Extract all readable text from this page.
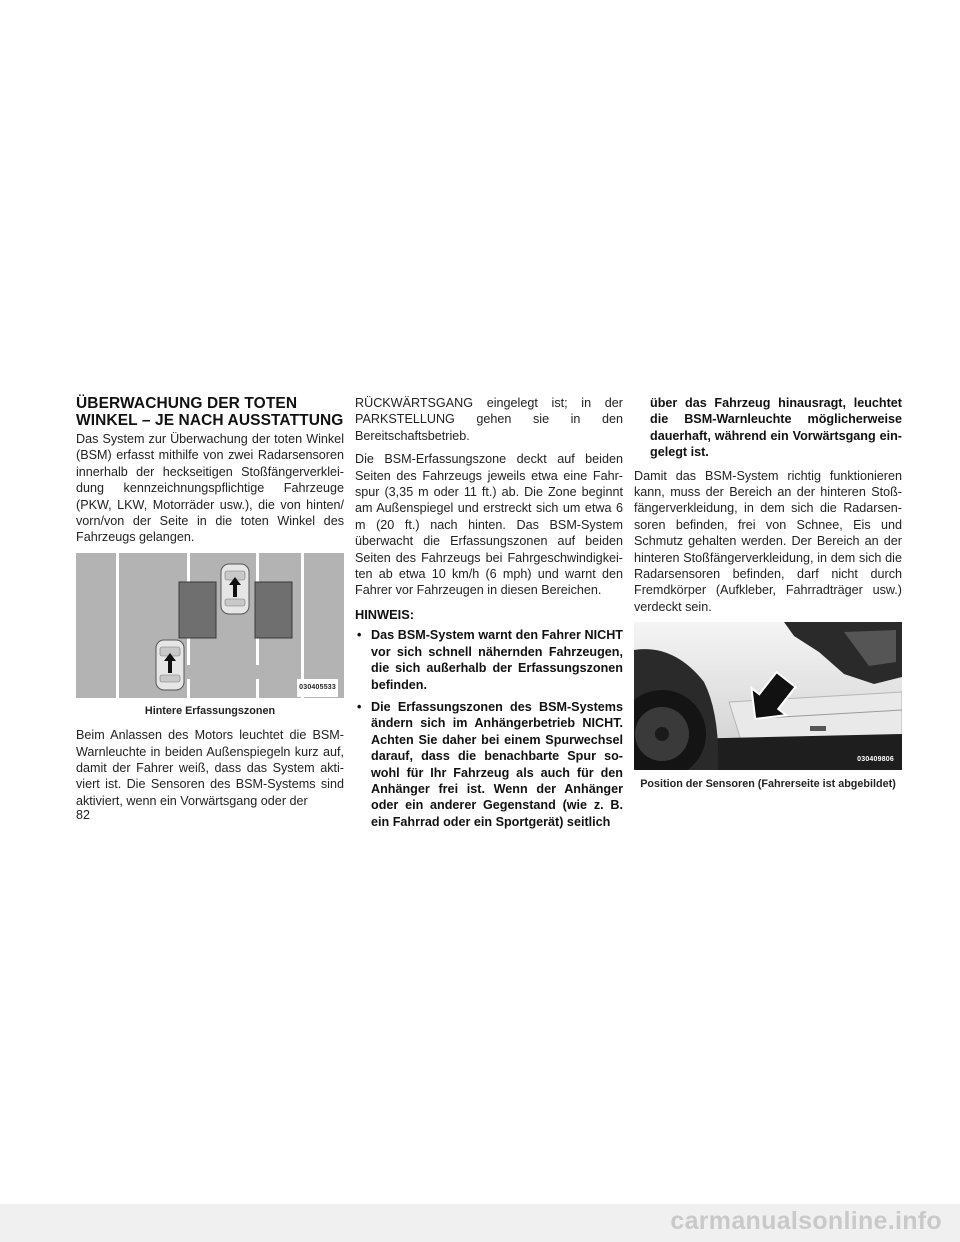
ÜBERWACHUNG DER TOTEN
WINKEL – JE NACH AUSSTATTUNG

Das System zur Überwachung der toten Winkel (BSM) erfasst mithilfe von zwei Radarsensoren innerhalb der heckseitigen Stoßfängerverkleidung kennzeichnungspflichtige Fahrzeuge (PKW, LKW, Motorräder usw.), die von hinten/ vorn/von der Seite in die toten Winkel des Fahrzeugs gelangen.

030405533
Hintere Erfassungszonen

Beim Anlassen des Motors leuchtet die BSM-Warnleuchte in beiden Außenspiegeln kurz auf, damit der Fahrer weiß, dass das System aktiviert ist. Die Sensoren des BSM-Systems sind aktiviert, wenn ein Vorwärtsgang oder der

RÜCKWÄRTSGANG eingelegt ist; in der PARKSTELLUNG gehen sie in den Bereitschaftsbetrieb.

Die BSM-Erfassungszone deckt auf beiden Seiten des Fahrzeugs jeweils etwa eine Fahrspur (3,35 m oder 11 ft.) ab. Die Zone beginnt am Außenspiegel und erstreckt sich um etwa 6 m (20 ft.) nach hinten. Das BSM-System überwacht die Erfassungszonen auf beiden Seiten des Fahrzeugs bei Fahrgeschwindigkeiten ab etwa 10 km/h (6 mph) und warnt den Fahrer vor Fahrzeugen in diesen Bereichen.

HINWEIS:
• Das BSM-System warnt den Fahrer NICHT vor sich schnell nähernden Fahrzeugen, die sich außerhalb der Erfassungszonen befinden.
• Die Erfassungszonen des BSM-Systems ändern sich im Anhängerbetrieb NICHT. Achten Sie daher bei einem Spurwechsel darauf, dass die benachbarte Spur sowohl für Ihr Fahrzeug als auch für den Anhänger frei ist. Wenn der Anhänger oder ein anderer Gegenstand (wie z. B. ein Fahrrad oder ein Sportgerät) seitlich

über das Fahrzeug hinausragt, leuchtet die BSM-Warnleuchte möglicherweise dauerhaft, während ein Vorwärtsgang eingelegt ist.

Damit das BSM-System richtig funktionieren kann, muss der Bereich an der hinteren Stoßfängerverkleidung, in dem sich die Radarsensoren befinden, frei von Schnee, Eis und Schmutz gehalten werden. Der Bereich an der hinteren Stoßfängerverkleidung, in dem sich die Radarsensoren befinden, darf nicht durch Fremdkörper (Aufkleber, Fahrradträger usw.) verdeckt sein.

030409806
Position der Sensoren (Fahrerseite ist abgebildet)
82
carmanualsonline.info
